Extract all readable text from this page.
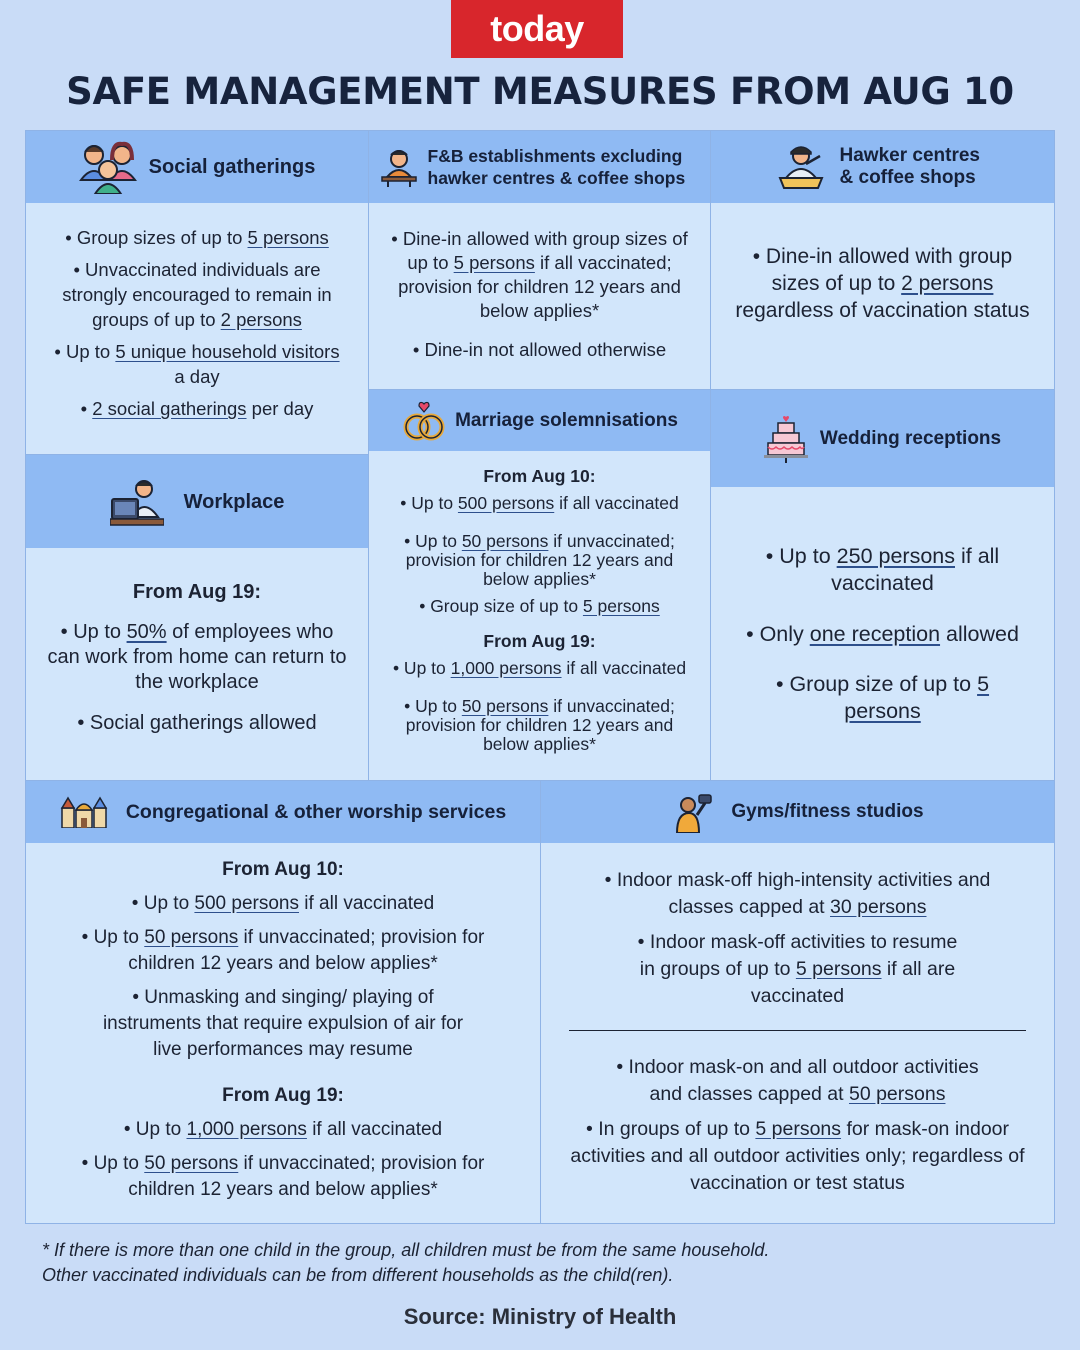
today
SAFE MANAGEMENT MEASURES FROM AUG 10
Social gatherings

• Group sizes of up to 5 persons

• Unvaccinated individuals are strongly encouraged to remain in groups of up to 2 persons

• Up to 5 unique household visitors a day

• 2 social gatherings per day

F&B establishments excluding hawker centres & coffee shops

• Dine-in allowed with group sizes of up to 5 persons if all vaccinated; provision for children 12 years and below applies*

• Dine-in not allowed otherwise

Hawker centres & coffee shops

• Dine-in allowed with group sizes of up to 2 persons regardless of vaccination status

Workplace

From Aug 19:

• Up to 50% of employees who can work from home can return to the workplace

• Social gatherings allowed

Marriage solemnisations

From Aug 10:

• Up to 500 persons if all vaccinated

• Up to 50 persons if unvaccinated; provision for children 12 years and below applies*

• Group size of up to 5 persons

From Aug 19:

• Up to 1,000 persons if all vaccinated

• Up to 50 persons if unvaccinated; provision for children 12 years and below applies*

Wedding receptions

• Up to 250 persons if all vaccinated

• Only one reception allowed

• Group size of up to 5 persons

Congregational & other worship services

From Aug 10:

• Up to 500 persons if all vaccinated

• Up to 50 persons if unvaccinated; provision for children 12 years and below applies*

• Unmasking and singing/ playing of instruments that require expulsion of air for live performances may resume

From Aug 19:

• Up to 1,000 persons if all vaccinated

• Up to 50 persons if unvaccinated; provision for children 12 years and below applies*

Gyms/fitness studios

• Indoor mask-off high-intensity activities and classes capped at 30 persons

• Indoor mask-off activities to resume in groups of up to 5 persons if all are vaccinated

• Indoor mask-on and all outdoor activities and classes capped at 50 persons

• In groups of up to 5 persons for mask-on indoor activities and all outdoor activities only; regardless of vaccination or test status

* If there is more than one child in the group, all children must be from the same household.

Other vaccinated individuals can be from different households as the child(ren).

Source: Ministry of Health
